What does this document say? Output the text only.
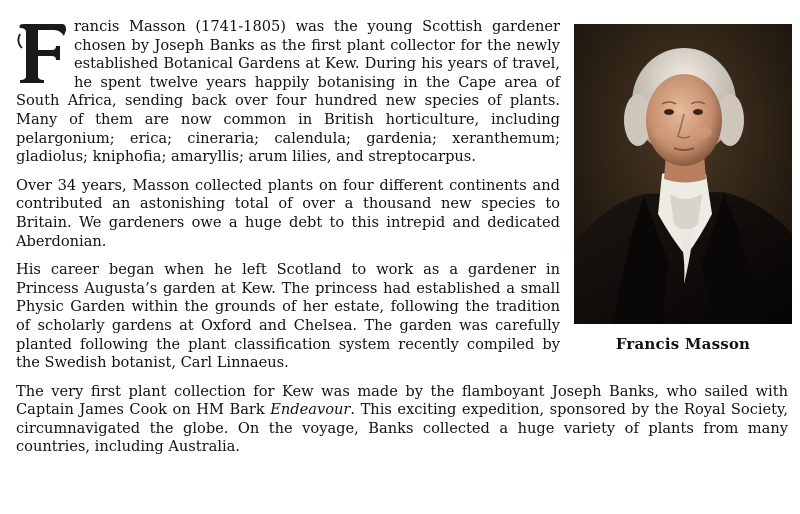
Francis Masson

rancis Masson (1741-1805) was the young Scottish gardener chosen by Joseph Banks as the first plant collector for the newly established Botanical Gardens at Kew. During his years of travel, he spent twelve years happily botanising in the Cape area of South Africa, sending back over four hundred new species of plants. Many of them are now common in British horticulture, including pelargonium; erica; cineraria; calendula; gardenia; xeranthemum; gladiolus; kniphofia; amaryllis; arum lilies, and streptocarpus.

Over 34 years, Masson collected plants on four different continents and contributed an astonishing total of over a thousand new species to Britain. We gardeners owe a huge debt to this intrepid and dedicated Aberdonian.

His career began when he left Scotland to work as a gardener in Princess Augusta’s garden at Kew. The princess had established a small Physic Garden within the grounds of her estate, following the tradition of scholarly gardens at Oxford and Chelsea. The garden was carefully planted following the plant classification system recently compiled by the Swedish botanist, Carl Linnaeus.

The very first plant collection for Kew was made by the flamboyant Joseph Banks, who sailed with Captain James Cook on HM Bark Endeavour. This exciting expedition, sponsored by the Royal Society, circumnavigated the globe. On the voyage, Banks collected a huge variety of plants from many countries, including Australia.
